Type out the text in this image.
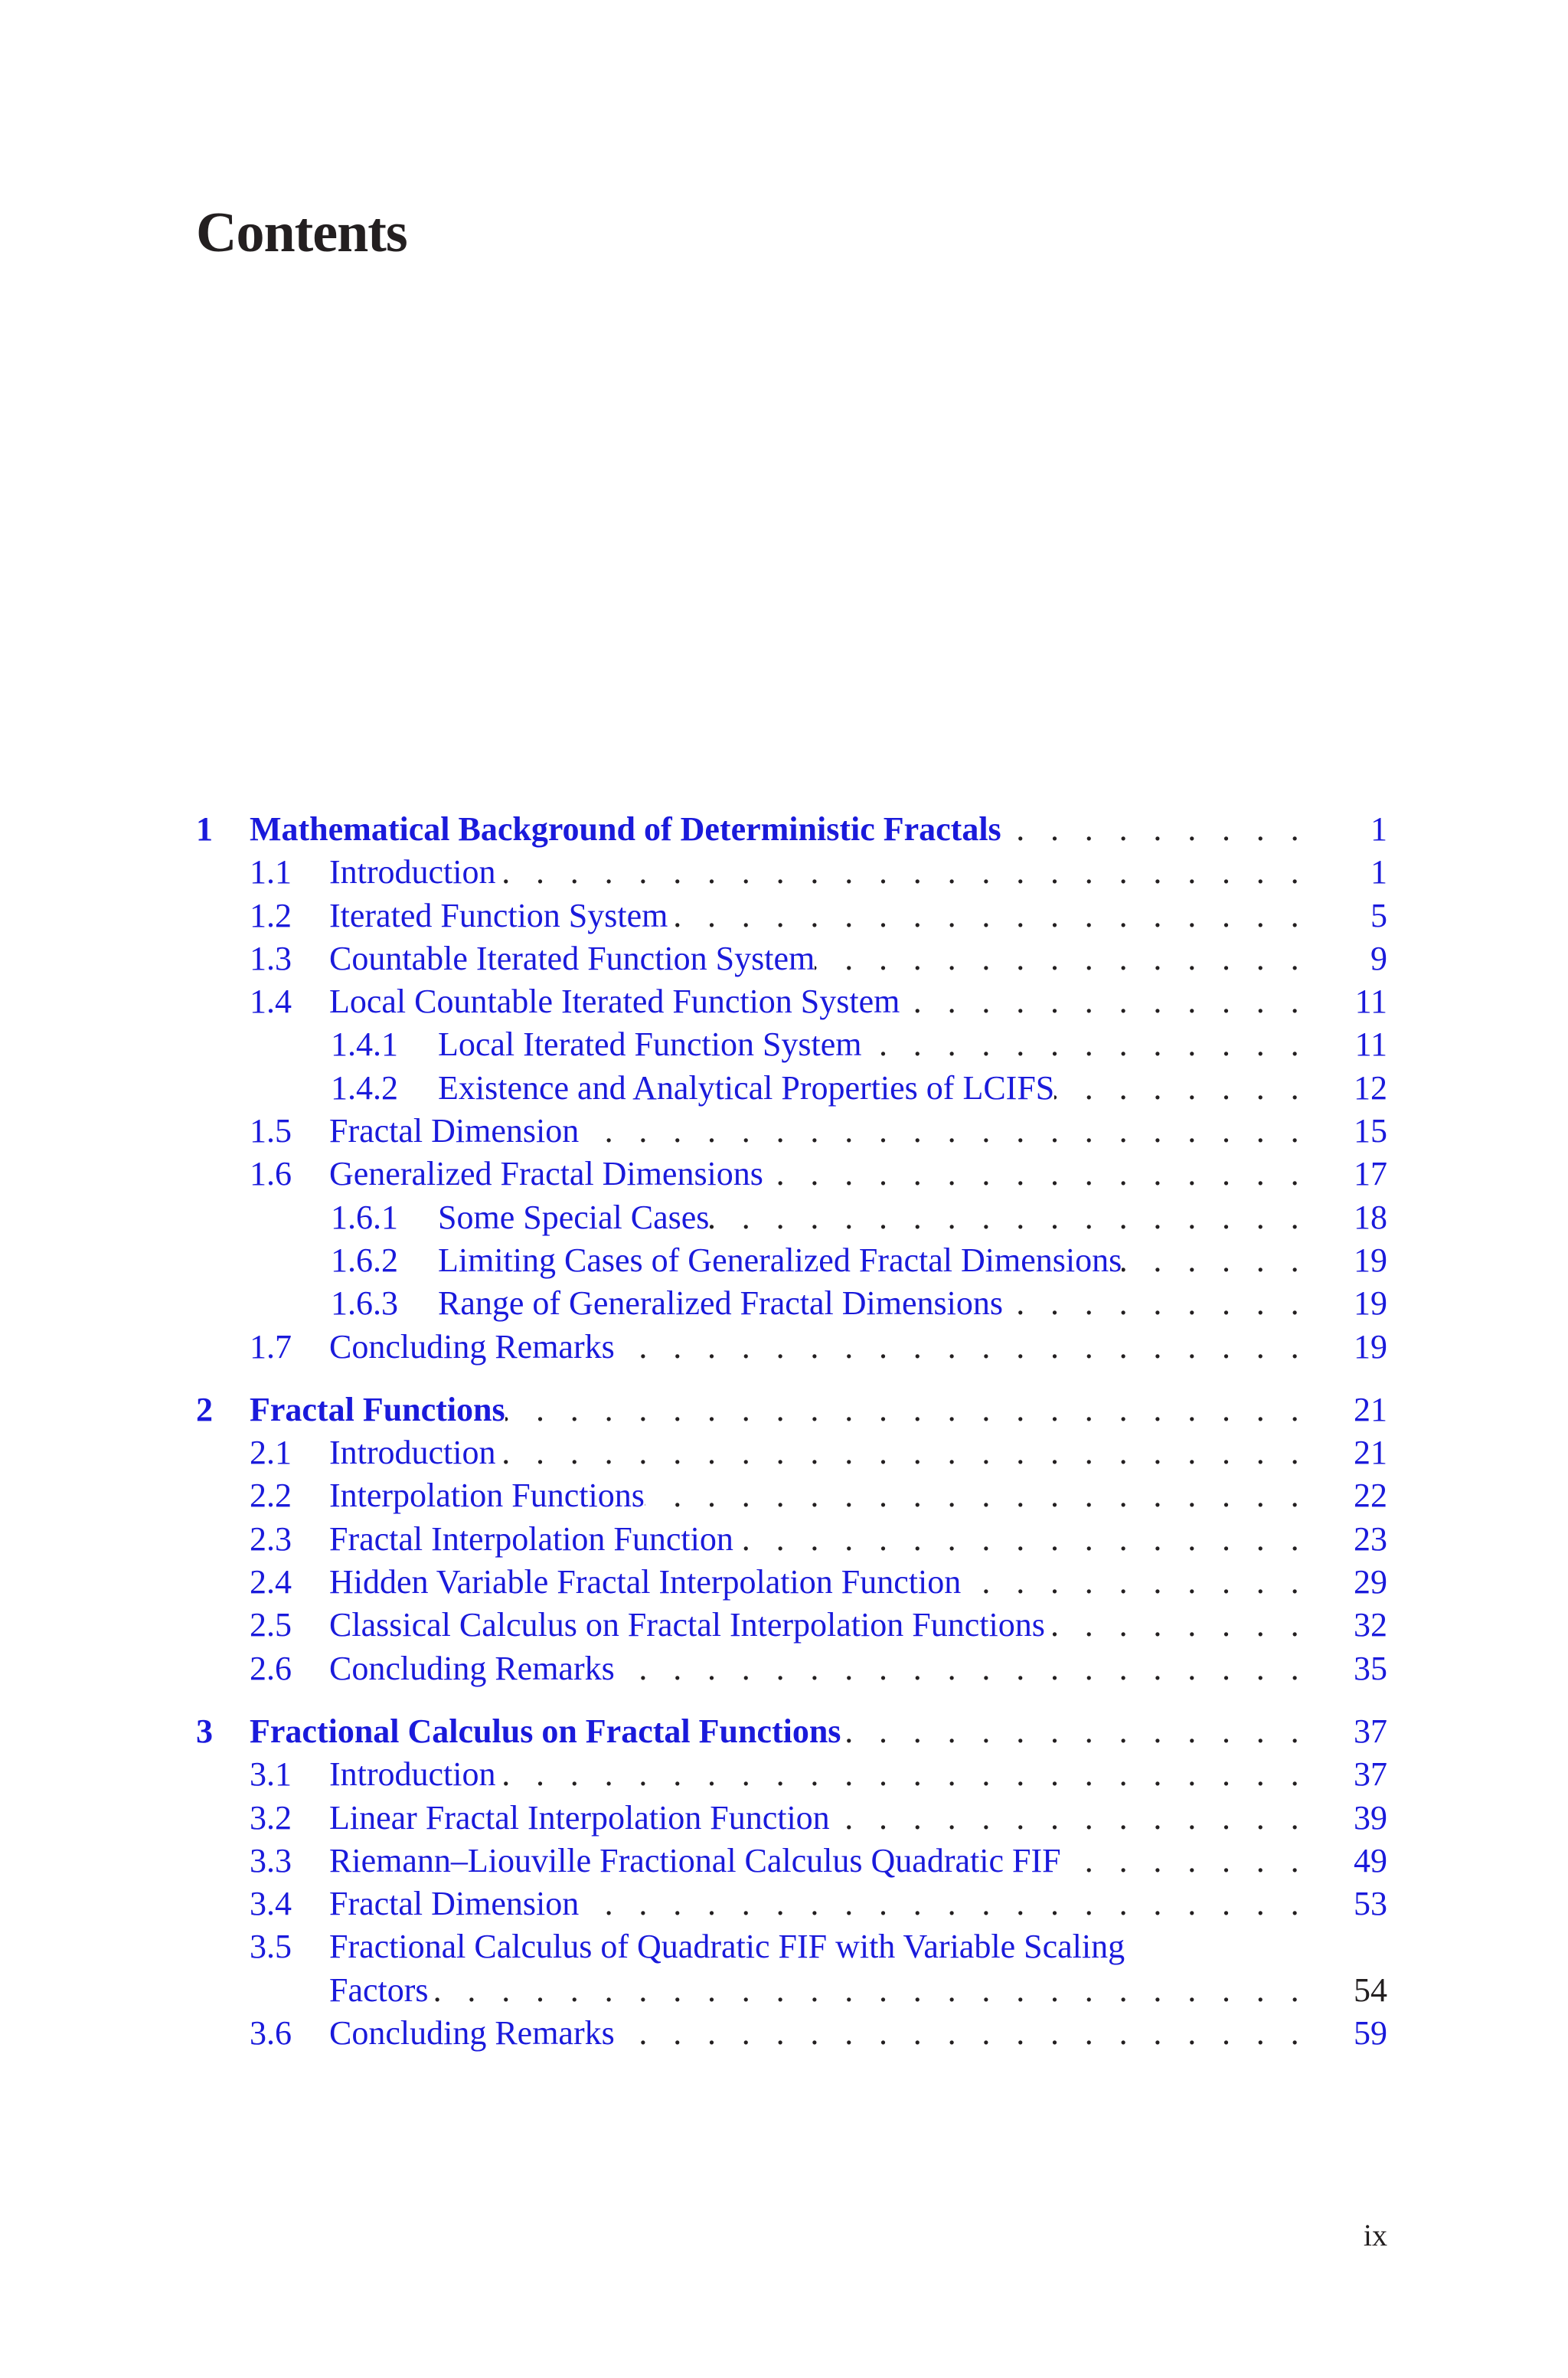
Contents
1 Mathematical Background of Deterministic Fractals . . .	1
1.1 Introduction . . .	1
1.2 Iterated Function System . . .	5
1.3 Countable Iterated Function System . . .	9
1.4 Local Countable Iterated Function System . . .	11
1.4.1 Local Iterated Function System . . .	11
1.4.2 Existence and Analytical Properties of LCIFS . . .	12
1.5 Fractal Dimension . . .	15
1.6 Generalized Fractal Dimensions . . .	17
1.6.1 Some Special Cases . . .	18
1.6.2 Limiting Cases of Generalized Fractal Dimensions . . .	19
1.6.3 Range of Generalized Fractal Dimensions . . .	19
1.7 Concluding Remarks . . .	19
2 Fractal Functions . . .	21
2.1 Introduction . . .	21
2.2 Interpolation Functions . . .	22
2.3 Fractal Interpolation Function . . .	23
2.4 Hidden Variable Fractal Interpolation Function . . .	29
2.5 Classical Calculus on Fractal Interpolation Functions . . .	32
2.6 Concluding Remarks . . .	35
3 Fractional Calculus on Fractal Functions . . .	37
3.1 Introduction . . .	37
3.2 Linear Fractal Interpolation Function . . .	39
3.3 Riemann–Liouville Fractional Calculus Quadratic FIF . . .	49
3.4 Fractal Dimension . . .	53
3.5 Fractional Calculus of Quadratic FIF with Variable Scaling
Factors . . .	54
3.6 Concluding Remarks . . .	59
ix
